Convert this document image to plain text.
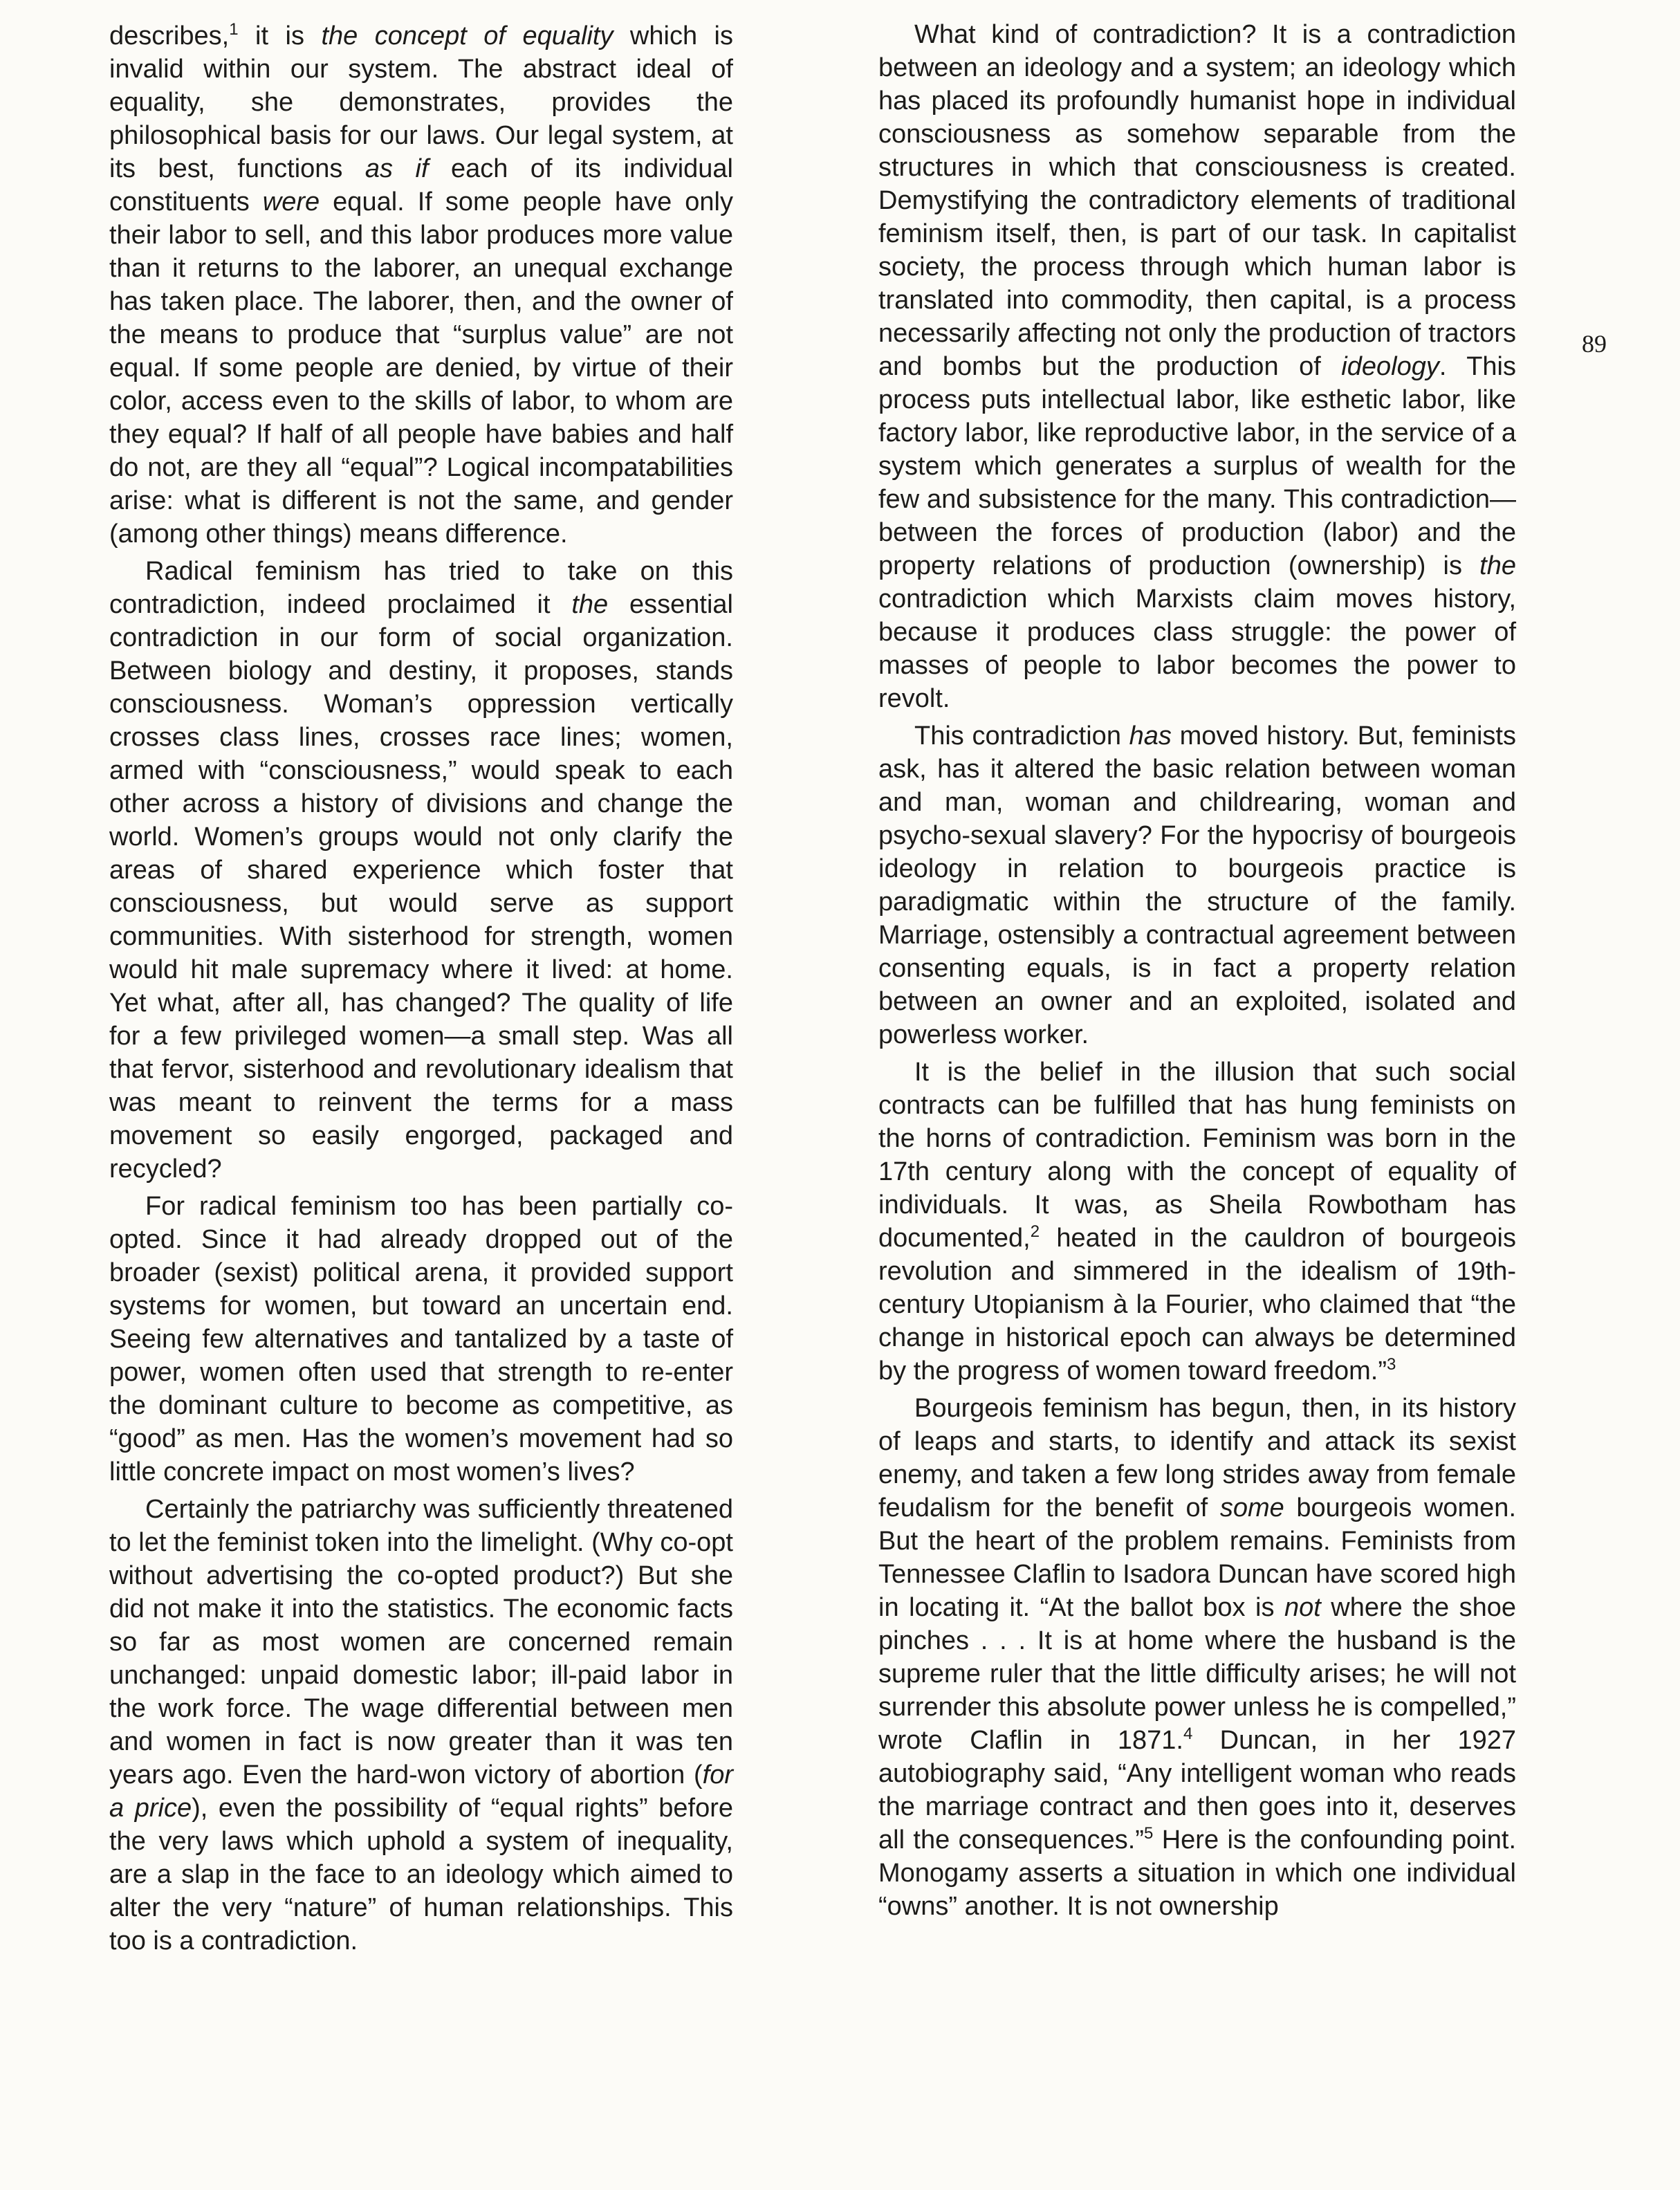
describes,$^1$ it is the concept of equality which is invalid within our system. The abstract ideal of equality, she demonstrates, provides the philosophical basis for our laws. Our legal system, at its best, functions as if each of its individual constituents were equal. If some people have only their labor to sell, and this labor produces more value than it returns to the laborer, an unequal exchange has taken place. The laborer, then, and the owner of the means to produce that “surplus value” are not equal. If some people are denied, by virtue of their color, access even to the skills of labor, to whom are they equal? If half of all people have babies and half do not, are they all “equal”? Logical incompatabilities arise: what is different is not the same, and gender (among other things) means difference.

Radical feminism has tried to take on this contradiction, indeed proclaimed it the essential contradiction in our form of social organization. Between biology and destiny, it proposes, stands consciousness. Woman’s oppression vertically crosses class lines, crosses race lines; women, armed with “consciousness,” would speak to each other across a history of divisions and change the world. Women’s groups would not only clarify the areas of shared experience which foster that consciousness, but would serve as support communities. With sisterhood for strength, women would hit male supremacy where it lived: at home. Yet what, after all, has changed? The quality of life for a few privileged women—a small step. Was all that fervor, sisterhood and revolutionary idealism that was meant to reinvent the terms for a mass movement so easily engorged, packaged and recycled?

For radical feminism too has been partially co-opted. Since it had already dropped out of the broader (sexist) political arena, it provided support systems for women, but toward an uncertain end. Seeing few alternatives and tantalized by a taste of power, women often used that strength to re-enter the dominant culture to become as competitive, as “good” as men. Has the women’s movement had so little concrete impact on most women’s lives?

Certainly the patriarchy was sufficiently threatened to let the feminist token into the limelight. (Why co-opt without advertising the co-opted product?) But she did not make it into the statistics. The economic facts so far as most women are concerned remain unchanged: unpaid domestic labor; ill-paid labor in the work force. The wage differential between men and women in fact is now greater than it was ten years ago. Even the hard-won victory of abortion (for a price), even the possibility of “equal rights” before the very laws which uphold a system of inequality, are a slap in the face to an ideology which aimed to alter the very “nature” of human relationships. This too is a contradiction.

What kind of contradiction? It is a contradiction between an ideology and a system; an ideology which has placed its profoundly humanist hope in individual consciousness as somehow separable from the structures in which that consciousness is created. Demystifying the contradictory elements of traditional feminism itself, then, is part of our task. In capitalist society, the process through which human labor is translated into commodity, then capital, is a process necessarily affecting not only the production of tractors and bombs but the production of ideology. This process puts intellectual labor, like esthetic labor, like factory labor, like reproductive labor, in the service of a system which generates a surplus of wealth for the few and subsistence for the many. This contradiction—between the forces of production (labor) and the property relations of production (ownership) is the contradiction which Marxists claim moves history, because it produces class struggle: the power of masses of people to labor becomes the power to revolt.

This contradiction has moved history. But, feminists ask, has it altered the basic relation between woman and man, woman and childrearing, woman and psycho-sexual slavery? For the hypocrisy of bourgeois ideology in relation to bourgeois practice is paradigmatic within the structure of the family. Marriage, ostensibly a contractual agreement between consenting equals, is in fact a property relation between an owner and an exploited, isolated and powerless worker.

It is the belief in the illusion that such social contracts can be fulfilled that has hung feminists on the horns of contradiction. Feminism was born in the 17th century along with the concept of equality of individuals. It was, as Sheila Rowbotham has documented,$^2$ heated in the cauldron of bourgeois revolution and simmered in the idealism of 19th-century Utopianism à la Fourier, who claimed that “the change in historical epoch can always be determined by the progress of women toward freedom.”$^3$

Bourgeois feminism has begun, then, in its history of leaps and starts, to identify and attack its sexist enemy, and taken a few long strides away from female feudalism for the benefit of some bourgeois women. But the heart of the problem remains. Feminists from Tennessee Claflin to Isadora Duncan have scored high in locating it. “At the ballot box is not where the shoe pinches . . . It is at home where the husband is the supreme ruler that the little difficulty arises; he will not surrender this absolute power unless he is compelled,” wrote Claflin in 1871.$^4$ Duncan, in her 1927 autobiography said, “Any intelligent woman who reads the marriage contract and then goes into it, deserves all the consequences.”$^5$ Here is the confounding point. Monogamy asserts a situation in which one individual “owns” another. It is not ownership

89
